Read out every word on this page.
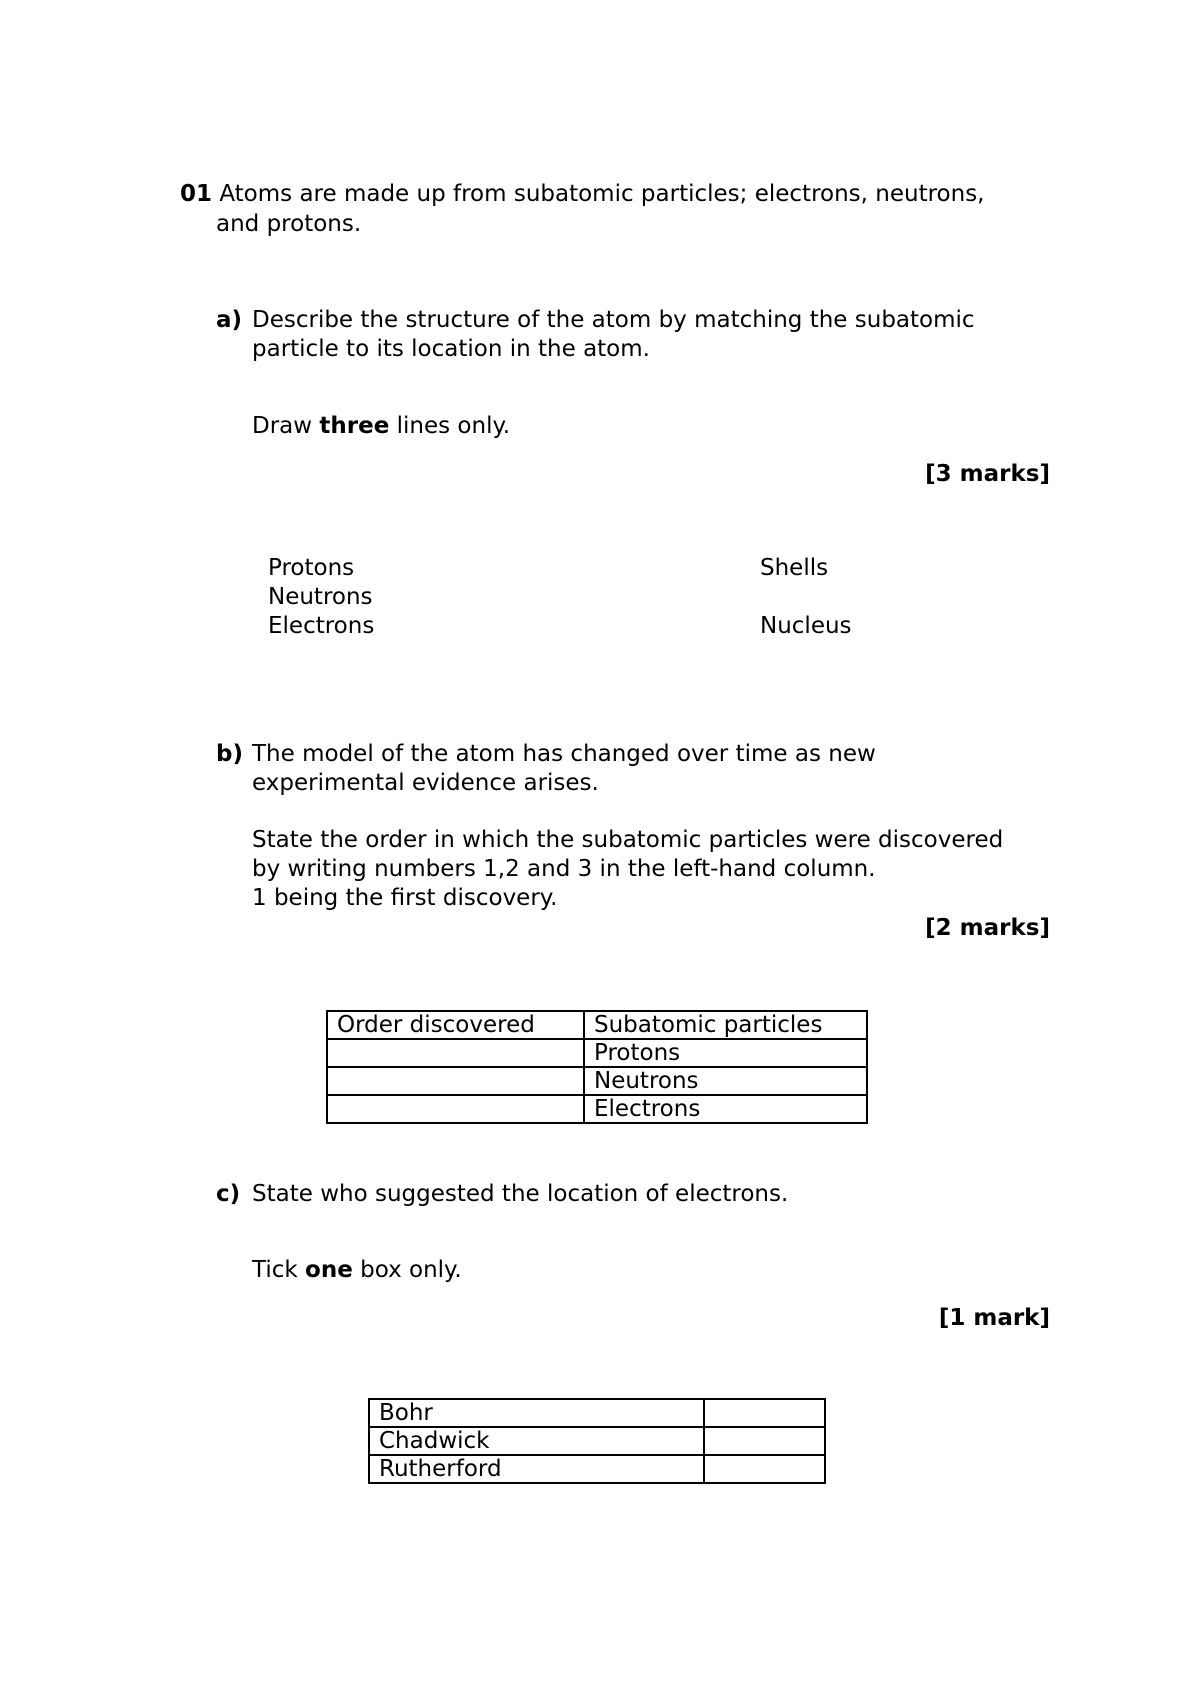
01 Atoms are made up from subatomic particles; electrons, neutrons,
and protons.
a) Describe the structure of the atom by matching the subatomic
particle to its location in the atom.
Draw three lines only.
[3 marks]
Protons
Neutrons
Electrons
Shells
Nucleus
b) The model of the atom has changed over time as new
experimental evidence arises.
State the order in which the subatomic particles were discovered
by writing numbers 1,2 and 3 in the left-hand column.
1 being the first discovery.
[2 marks]
Order discovered	Subatomic particles
	Protons
	Neutrons
	Electrons
c) State who suggested the location of electrons.
Tick one box only.
[1 mark]
Bohr	
Chadwick	
Rutherford	
